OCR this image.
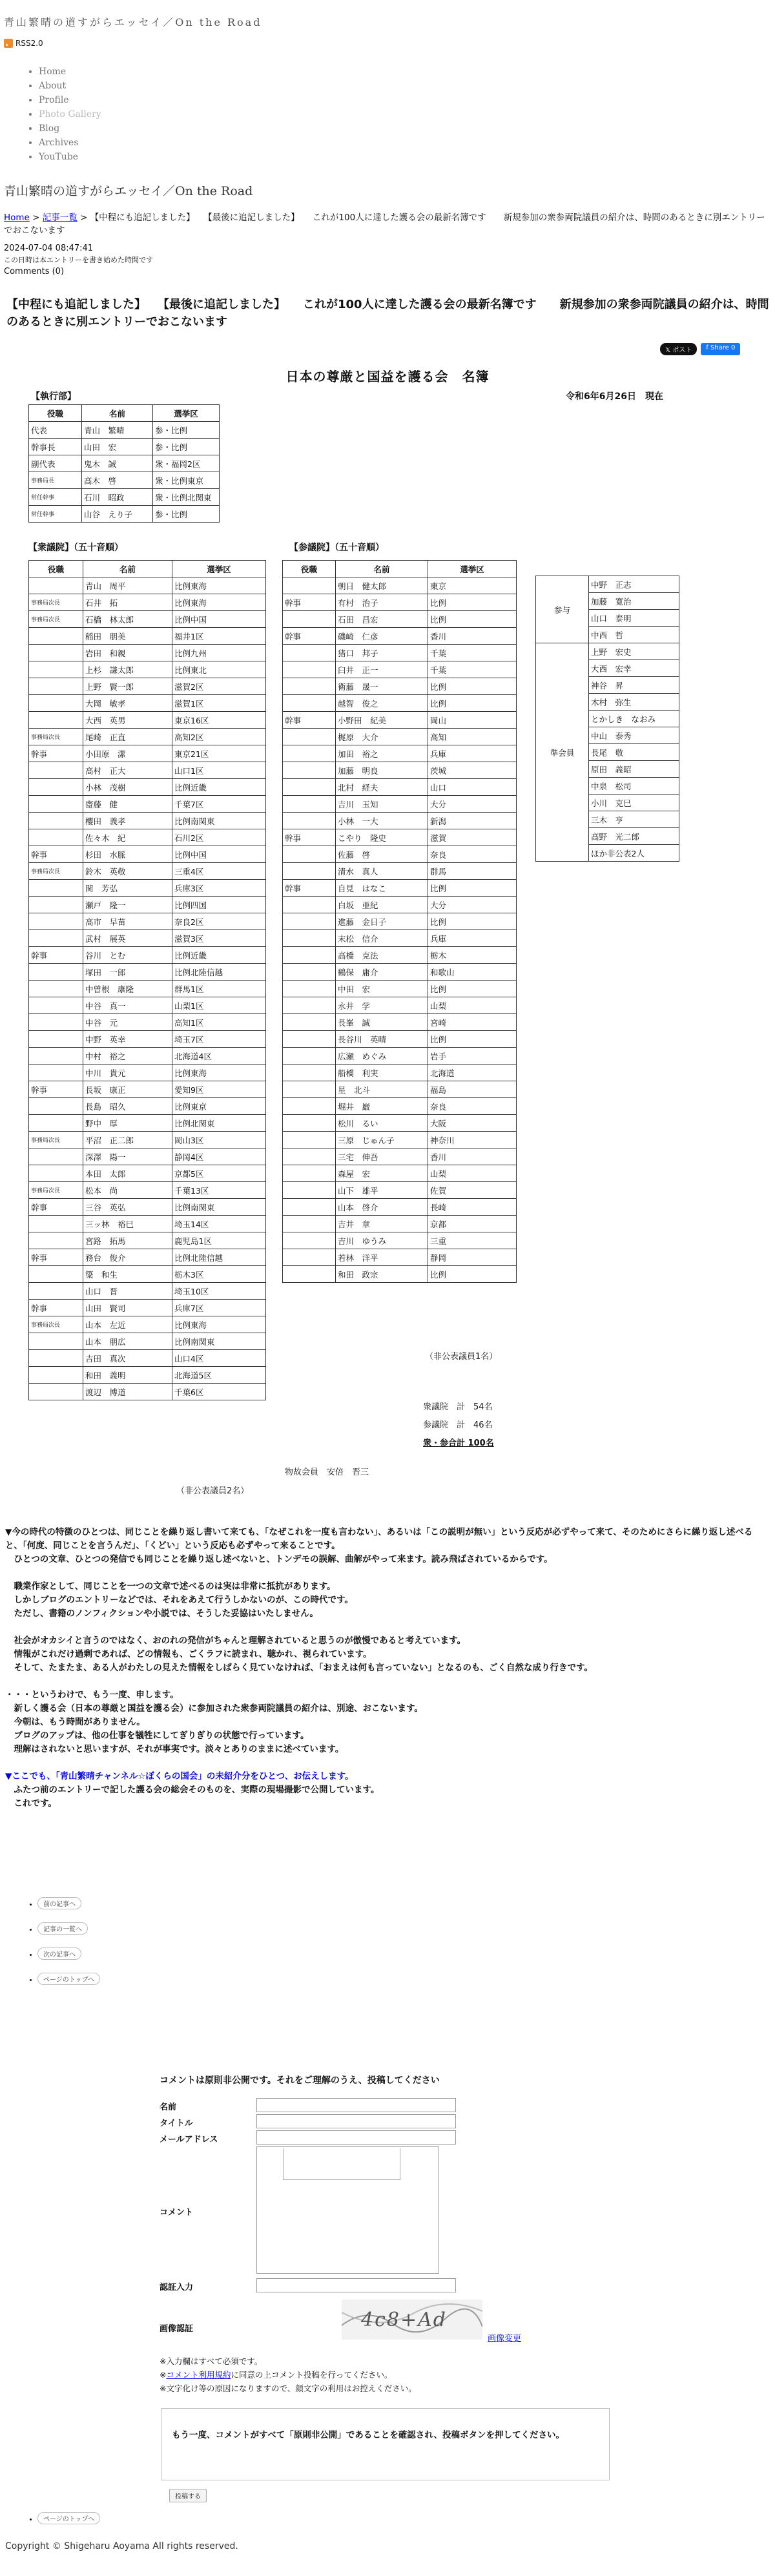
青山繁晴の道すがらエッセイ／On the Road
RSS2.0
• Home
• About
• Profile
• Photo Gallery
• Blog
• Archives
• YouTube
青山繁晴の道すがらエッセイ／On the Road
Home > 記事一覧 > 【中程にも追記しました】　　【最後に追記しました】　　これが100人に達した護る会の最新名簿です　　新規参加の衆参両院議員の紹介は、時間のあるときに別エントリーでおこないます
2024-07-04 08:47:41
この日時は本エントリーを書き始めた時間です
Comments (0)
【中程にも追記しました】　　【最後に追記しました】　　これが100人に達した護る会の最新名簿です　　新規参加の衆参両院議員の紹介は、時間のあるときに別エントリーでおこないます
𝕏 ポスト	f Share 0
日本の尊厳と国益を護る会　名簿
【執行部】	令和6年6月26日　現在
役職	名前	選挙区
代表	青山　繁晴	参・比例
幹事長	山田　宏	参・比例
副代表	鬼木　誠	衆・福岡2区
事務局長	高木　啓	衆・比例東京
常任幹事	石川　昭政	衆・比例北関東
常任幹事	山谷　えり子	参・比例
【衆議院】（五十音順）	【参議院】（五十音順）
役職	名前	選挙区
	青山　周平	比例東海
事務局次長	石井　拓	比例東海
事務局次長	石橋　林太郎	比例中国
	稲田　朋美	福井1区
	岩田　和親	比例九州
	上杉　謙太郎	比例東北
	上野　賢一郎	滋賀2区
	大岡　敏孝	滋賀1区
	大西　英男	東京16区
事務局次長	尾崎　正直	高知2区
幹事	小田原　潔	東京21区
	高村　正大	山口1区
	小林　茂樹	比例近畿
	齋藤　健	千葉7区
	櫻田　義孝	比例南関東
	佐々木　紀	石川2区
幹事	杉田　水脈	比例中国
事務局次長	鈴木　英敬	三重4区
	関　芳弘	兵庫3区
	瀬戸　隆一	比例四国
	高市　早苗	奈良2区
	武村　展英	滋賀3区
幹事	谷川　とむ	比例近畿
	塚田　一郎	比例北陸信越
	中曽根　康隆	群馬1区
	中谷　真一	山梨1区
	中谷　元	高知1区
	中野　英幸	埼玉7区
	中村　裕之	北海道4区
	中川　貴元	比例東海
幹事	長坂　康正	愛知9区
	長島　昭久	比例東京
	野中　厚	比例北関東
事務局次長	平沼　正二郎	岡山3区
	深澤　陽一	静岡4区
	本田　太郎	京都5区
事務局次長	松本　尚	千葉13区
幹事	三谷　英弘	比例南関東
	三ッ林　裕巳	埼玉14区
	宮路　拓馬	鹿児島1区
幹事	務台　俊介	比例北陸信越
	簗　和生	栃木3区
	山口　晋	埼玉10区
幹事	山田　賢司	兵庫7区
事務局次長	山本　左近	比例東海
	山本　朋広	比例南関東
	吉田　真次	山口4区
	和田　義明	北海道5区
	渡辺　博道	千葉6区
（非公表議員2名）
物故会員　安倍　晋三
役職	名前	選挙区
	朝日　健太郎	東京
幹事	有村　治子	比例
	石田　昌宏	比例
幹事	磯崎　仁彦	香川
	猪口　邦子	千葉
	臼井　正一	千葉
	衛藤　晟一	比例
	越智　俊之	比例
幹事	小野田　紀美	岡山
	梶原　大介	高知
	加田　裕之	兵庫
	加藤　明良	茨城
	北村　経夫	山口
	吉川　玉知	大分
	小林　一大	新潟
幹事	こやり　隆史	滋賀
	佐藤　啓	奈良
	清水　真人	群馬
幹事	自見　はなこ	比例
	白坂　亜紀	大分
	進藤　金日子	比例
	末松　信介	兵庫
	高橋　克法	栃木
	鶴保　庸介	和歌山
	中田　宏	比例
	永井　学	山梨
	長峯　誠	宮崎
	長谷川　英晴	比例
	広瀬　めぐみ	岩手
	船橋　利実	北海道
	星　北斗	福島
	堀井　巌	奈良
	松川　るい	大阪
	三原　じゅん子	神奈川
	三宅　伸吾	香川
	森屋　宏	山梨
	山下　雄平	佐賀
	山本　啓介	長崎
	吉井　章	京都
	吉川　ゆうみ	三重
	若林　洋平	静岡
	和田　政宗	比例
（非公表議員1名）
参与	中野　正志
	加藤　寛治
	山口　泰明
	中西　哲
準会員	上野　宏史
	大西　宏幸
	神谷　昇
	木村　弥生
	とかしき　なおみ
	中山　泰秀
	長尾　敬
	原田　義昭
	中泉　松司
	小川　克巳
	三木　亨
	高野　光二郎
	ほか非公表2人
衆議院　計　54名
参議院　計　46名
衆・参合計 100名

▼今の時代の特徴のひとつは、同じことを繰り返し書いて来ても、「なぜこれを一度も言わない」、あるいは「この説明が無い」という反応が必ずやって来て、そのためにさらに繰り返し述べると、「何度、同じことを言うんだ」、「くどい」という反応も必ずやって来ることです。

　ひとつの文章、ひとつの発信でも同じことを繰り返し述べないと、トンデモの誤解、曲解がやって来ます。読み飛ばされているからです。

　職業作家として、同じことを一つの文章で述べるのは実は非常に抵抗があります。

　しかしブログのエントリーなどでは、それをあえて行うしかないのが、この時代です。

　ただし、書籍のノンフィクションや小説では、そうした妥協はいたしません。

　社会がオカシイと言うのではなく、おのれの発信がちゃんと理解されていると思うのが傲慢であると考えています。

　情報がこれだけ過剰であれば、どの情報も、ごくラフに読まれ、聴かれ、視られています。

　そして、たまたま、ある人がわたしの見えた情報をしばらく見ていなければ、「おまえは何も言っていない」となるのも、ごく自然な成り行きです。

・・・というわけで、もう一度、申します。

　新しく護る会（日本の尊厳と国益を護る会）に参加された衆参両院議員の紹介は、別途、おこないます。

　今朝は、もう時間がありません。

　ブログのアップは、他の仕事を犠牲にしてぎりぎりの状態で行っています。

　理解はされないと思いますが、それが事実です。淡々とありのままに述べています。

▼ここでも、「青山繁晴チャンネル☆ぼくらの国会」の未紹介分をひとつ、お伝えします。

　ふたつ前のエントリーで記した護る会の総会そのものを、実際の現場撮影で公開しています。

　これです。

• 前の記事へ
• 記事の一覧へ
• 次の記事へ
• ページのトップへ
コメントは原則非公開です。それをご理解のうえ、投稿してください
名前
タイトル
メールアドレス
コメント
認証入力
画像認証	4c8+Ad
画像変更
※入力欄はすべて必須です。
※コメント利用規約に同意の上コメント投稿を行ってください。
※文字化け等の原因になりますので、顔文字の利用はお控えください。
もう一度、コメントがすべて「原則非公開」であることを確認され、投稿ボタンを押してください。
投稿する
• ページのトップへ
Copyright © Shigeharu Aoyama All rights reserved.
